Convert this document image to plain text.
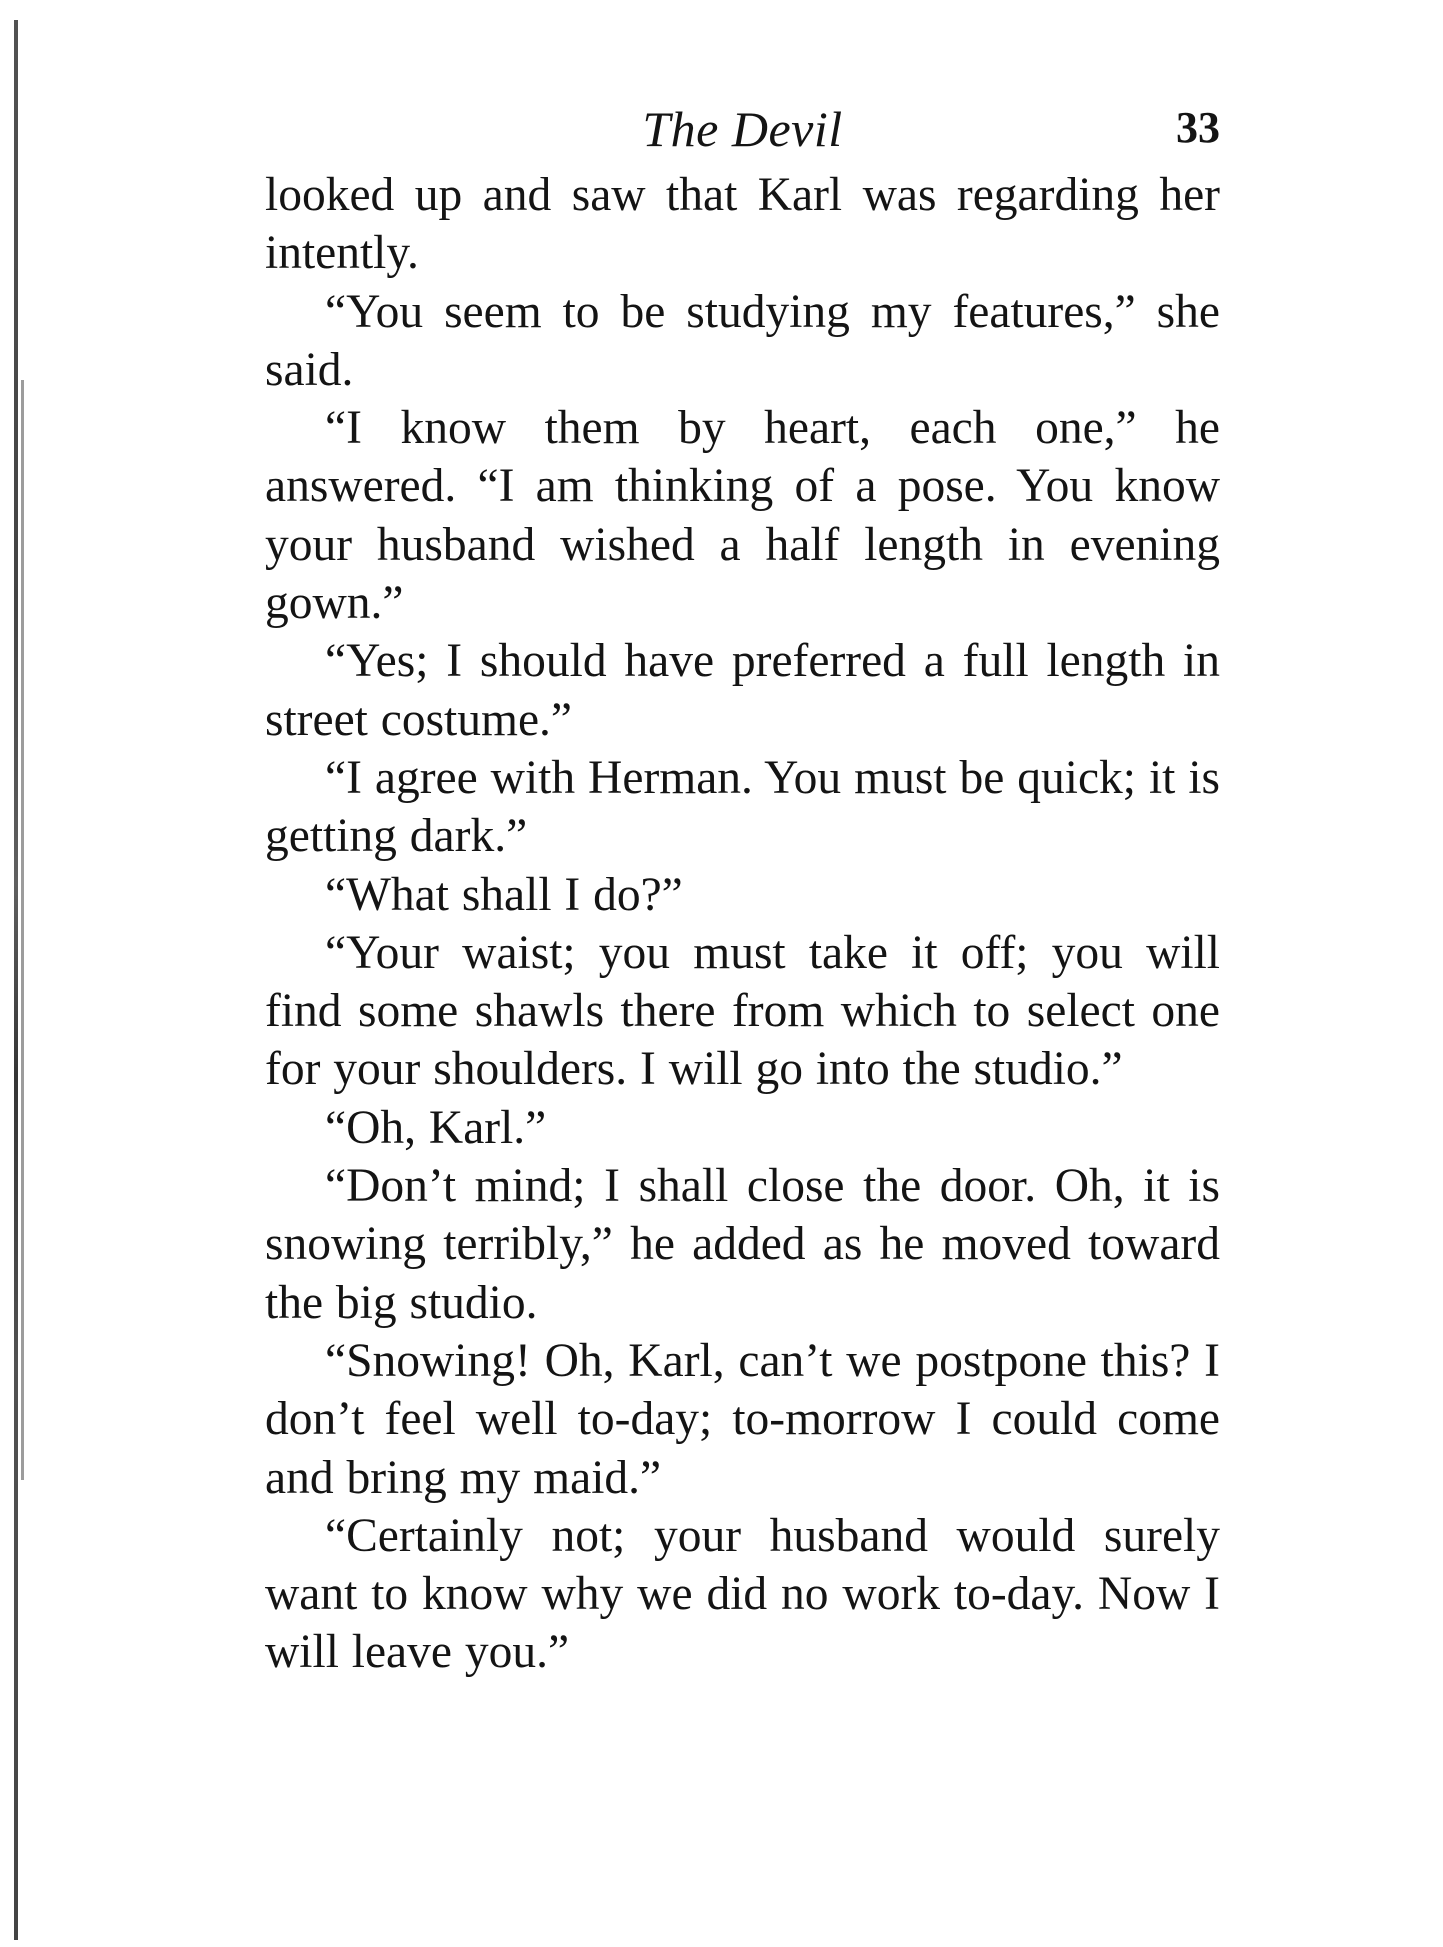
The Devil	33

looked up and saw that Karl was regarding her intently.

“You seem to be studying my features,” she said.

“I know them by heart, each one,” he answered. “I am thinking of a pose. You know your husband wished a half length in evening gown.”

“Yes; I should have preferred a full length in street costume.”

“I agree with Herman. You must be quick; it is getting dark.”

“What shall I do?”

“Your waist; you must take it off; you will find some shawls there from which to select one for your shoulders. I will go into the studio.”

“Oh, Karl.”

“Don’t mind; I shall close the door. Oh, it is snowing terribly,” he added as he moved toward the big studio.

“Snowing! Oh, Karl, can’t we postpone this? I don’t feel well to-day; to-morrow I could come and bring my maid.”

“Certainly not; your husband would surely want to know why we did no work to-day. Now I will leave you.”
